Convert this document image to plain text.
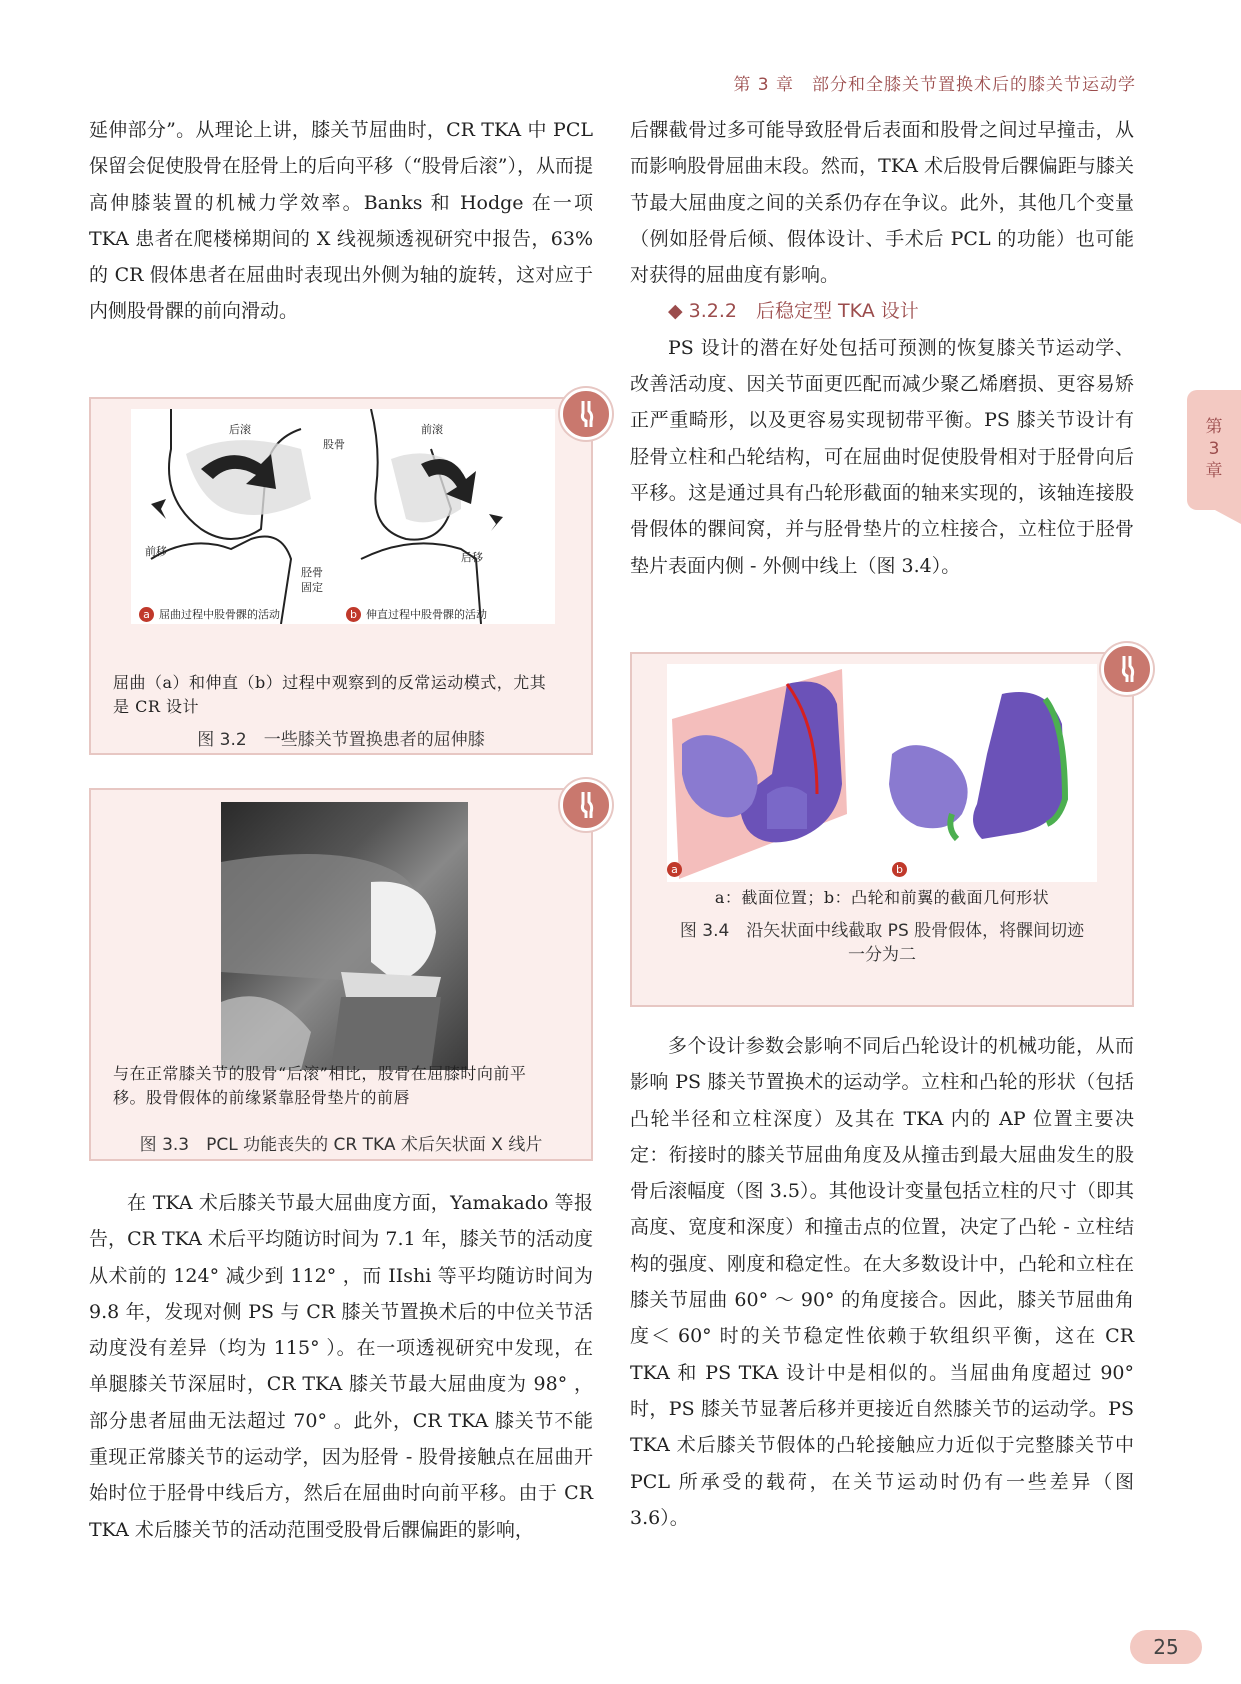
第 3 章　部分和全膝关节置换术后的膝关节运动学
第
3
章

延伸部分”。从理论上讲，膝关节屈曲时，CR TKA 中 PCL 保留会促使股骨在胫骨上的后向平移（“股骨后滚”），从而提高伸膝装置的机械力学效率。Banks 和 Hodge 在一项 TKA 患者在爬楼梯期间的 X 线视频透视研究中报告，63% 的 CR 假体患者在屈曲时表现出外侧为轴的旋转，这对应于内侧股骨髁的前向滑动。

后滚
股骨
前滚
前移	后移
胫骨
固定
a 屈曲过程中股骨髁的活动	b 伸直过程中股骨髁的活动
屈曲（a）和伸直（b）过程中观察到的反常运动模式，尤其是 CR 设计
图 3.2　一些膝关节置换患者的屈伸膝
与在正常膝关节的股骨“后滚”相比，股骨在屈膝时向前平移。股骨假体的前缘紧靠胫骨垫片的前唇
图 3.3　PCL 功能丧失的 CR TKA 术后矢状面 X 线片

在 TKA 术后膝关节最大屈曲度方面，Yamakado 等报告，CR TKA 术后平均随访时间为 7.1 年，膝关节的活动度从术前的 124° 减少到 112° ，而 IIshi 等平均随访时间为 9.8 年，发现对侧 PS 与 CR 膝关节置换术后的中位关节活动度没有差异（均为 115° ）。在一项透视研究中发现，在单腿膝关节深屈时，CR TKA 膝关节最大屈曲度为 98° ，部分患者屈曲无法超过 70° 。此外，CR TKA 膝关节不能重现正常膝关节的运动学，因为胫骨 - 股骨接触点在屈曲开始时位于胫骨中线后方，然后在屈曲时向前平移。由于 CR TKA 术后膝关节的活动范围受股骨后髁偏距的影响，

后髁截骨过多可能导致胫骨后表面和股骨之间过早撞击，从而影响股骨屈曲末段。然而，TKA 术后股骨后髁偏距与膝关节最大屈曲度之间的关系仍存在争议。此外，其他几个变量（例如胫骨后倾、假体设计、手术后 PCL 的功能）也可能对获得的屈曲度有影响。

◆ 3.2.2　后稳定型 TKA 设计

PS 设计的潜在好处包括可预测的恢复膝关节运动学、改善活动度、因关节面更匹配而减少聚乙烯磨损、更容易矫正严重畸形，以及更容易实现韧带平衡。PS 膝关节设计有胫骨立柱和凸轮结构，可在屈曲时促使股骨相对于胫骨向后平移。这是通过具有凸轮形截面的轴来实现的，该轴连接股骨假体的髁间窝，并与胫骨垫片的立柱接合，立柱位于胫骨垫片表面内侧 - 外侧中线上（图 3.4）。

a	b
a：截面位置；b：凸轮和前翼的截面几何形状
图 3.4　沿矢状面中线截取 PS 股骨假体，将髁间切迹
一分为二

多个设计参数会影响不同后凸轮设计的机械功能，从而影响 PS 膝关节置换术的运动学。立柱和凸轮的形状（包括凸轮半径和立柱深度）及其在 TKA 内的 AP 位置主要决定：衔接时的膝关节屈曲角度及从撞击到最大屈曲发生的股骨后滚幅度（图 3.5）。其他设计变量包括立柱的尺寸（即其高度、宽度和深度）和撞击点的位置，决定了凸轮 - 立柱结构的强度、刚度和稳定性。在大多数设计中，凸轮和立柱在膝关节屈曲 60° ～ 90° 的角度接合。因此，膝关节屈曲角度＜ 60° 时的关节稳定性依赖于软组织平衡，这在 CR TKA 和 PS TKA 设计中是相似的。当屈曲角度超过 90° 时，PS 膝关节显著后移并更接近自然膝关节的运动学。PS TKA 术后膝关节假体的凸轮接触应力近似于完整膝关节中 PCL 所承受的载荷，在关节运动时仍有一些差异（图 3.6）。

25
